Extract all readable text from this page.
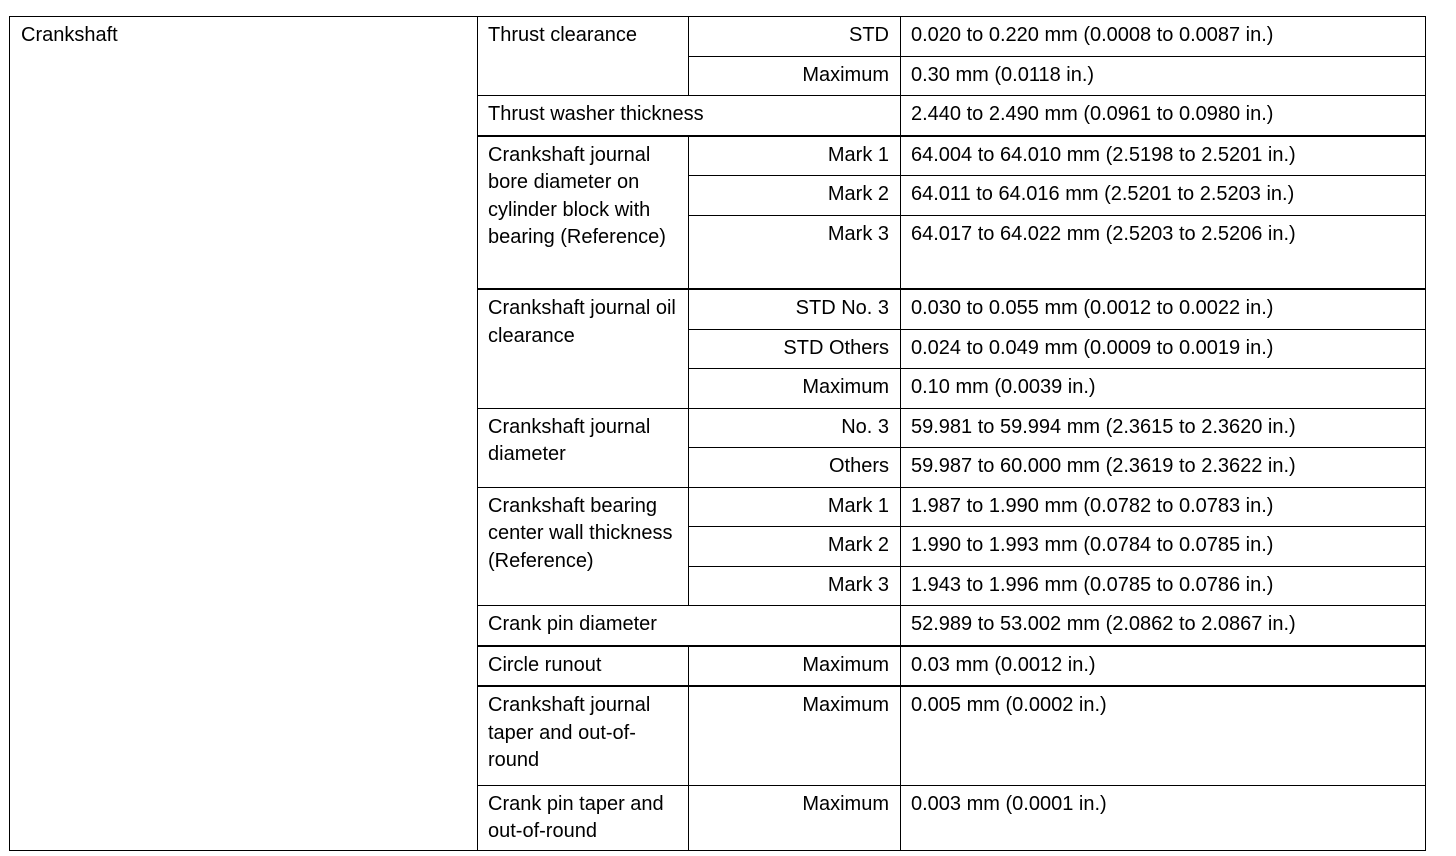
Crankshaft	Thrust clearance	STD	0.020 to 0.220 mm (0.0008 to 0.0087 in.)
		Maximum	0.30 mm (0.0118 in.)
	Thrust washer thickness		2.440 to 2.490 mm (0.0961 to 0.0980 in.)
	Crankshaft journal bore diameter on cylinder block with bearing (Reference)	Mark 1	64.004 to 64.010 mm (2.5198 to 2.5201 in.)
		Mark 2	64.011 to 64.016 mm (2.5201 to 2.5203 in.)
		Mark 3	64.017 to 64.022 mm (2.5203 to 2.5206 in.)
	Crankshaft journal oil clearance	STD No. 3	0.030 to 0.055 mm (0.0012 to 0.0022 in.)
		STD Others	0.024 to 0.049 mm (0.0009 to 0.0019 in.)
		Maximum	0.10 mm (0.0039 in.)
	Crankshaft journal diameter	No. 3	59.981 to 59.994 mm (2.3615 to 2.3620 in.)
		Others	59.987 to 60.000 mm (2.3619 to 2.3622 in.)
	Crankshaft bearing center wall thickness (Reference)	Mark 1	1.987 to 1.990 mm (0.0782 to 0.0783 in.)
		Mark 2	1.990 to 1.993 mm (0.0784 to 0.0785 in.)
		Mark 3	1.943 to 1.996 mm (0.0785 to 0.0786 in.)
	Crank pin diameter		52.989 to 53.002 mm (2.0862 to 2.0867 in.)
	Circle runout	Maximum	0.03 mm (0.0012 in.)
	Crankshaft journal taper and out-of-round	Maximum	0.005 mm (0.0002 in.)
	Crank pin taper and out-of-round	Maximum	0.003 mm (0.0001 in.)
